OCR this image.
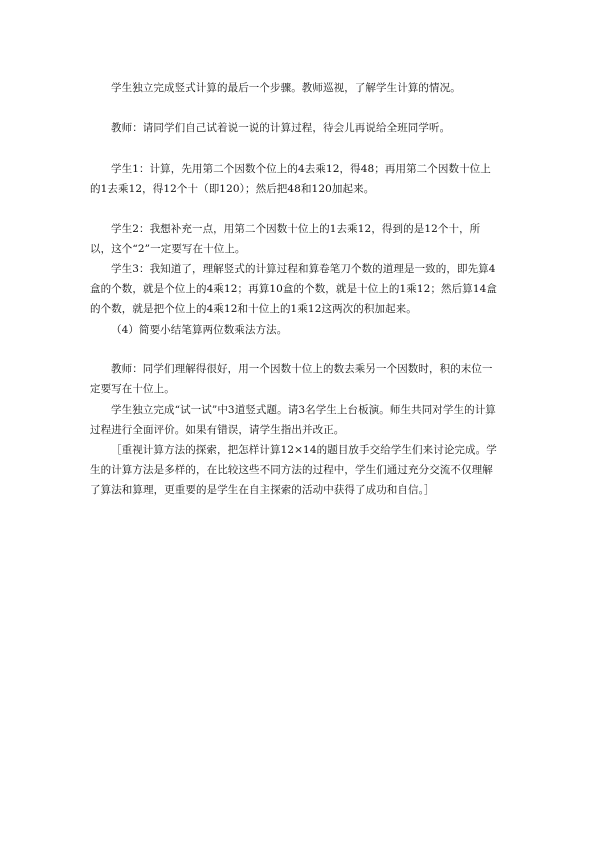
学生独立完成竖式计算的最后一个步骤。教师巡视，了解学生计算的情况。

教师：请同学们自己试着说一说的计算过程，待会儿再说给全班同学听。

学生1：计算，先用第二个因数个位上的4去乘12，得48；再用第二个因数十位上的1去乘12，得12个十（即120）；然后把48和120加起来。

学生2：我想补充一点，用第二个因数十位上的1去乘12，得到的是12个十，所以，这个“2”一定要写在十位上。

学生3：我知道了，理解竖式的计算过程和算卷笔刀个数的道理是一致的，即先算4盒的个数，就是个位上的4乘12；再算10盒的个数，就是十位上的1乘12；然后算14盒的个数，就是把个位上的4乘12和十位上的1乘12这两次的积加起来。

（4）简要小结笔算两位数乘法方法。

教师：同学们理解得很好，用一个因数十位上的数去乘另一个因数时，积的末位一定要写在十位上。

学生独立完成“试一试”中3道竖式题。请3名学生上台板演。师生共同对学生的计算过程进行全面评价。如果有错误，请学生指出并改正。

［重视计算方法的探索，把怎样计算12×14的题目放手交给学生们来讨论完成。学生的计算方法是多样的，在比较这些不同方法的过程中，学生们通过充分交流不仅理解了算法和算理，更重要的是学生在自主探索的活动中获得了成功和自信。］
